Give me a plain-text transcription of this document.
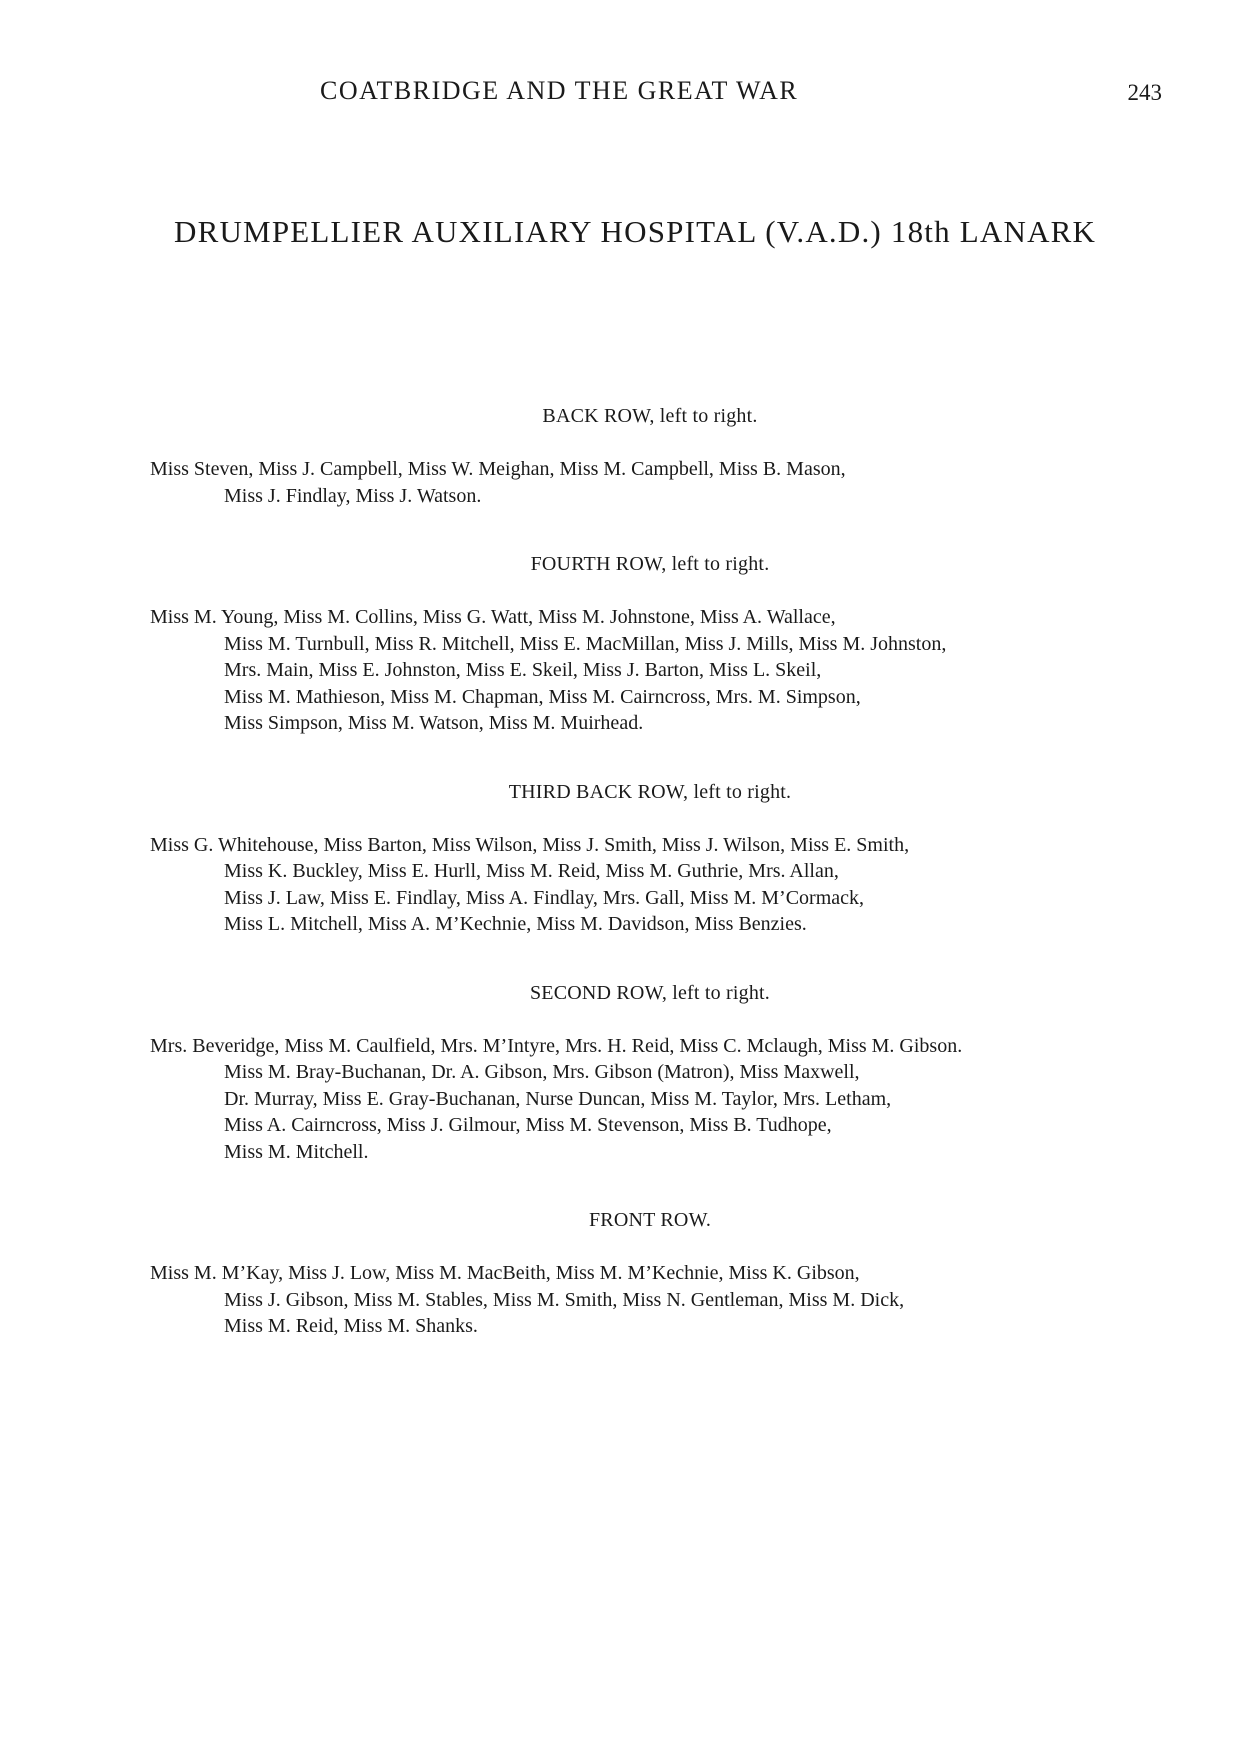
COATBRIDGE AND THE GREAT WAR	243
DRUMPELLIER AUXILIARY HOSPITAL (V.A.D.) 18th LANARK
BACK ROW, left to right.
Miss Steven, Miss J. Campbell, Miss W. Meighan, Miss M. Campbell, Miss B. Mason,
Miss J. Findlay, Miss J. Watson.
FOURTH ROW, left to right.
Miss M. Young, Miss M. Collins, Miss G. Watt, Miss M. Johnstone, Miss A. Wallace,
Miss M. Turnbull, Miss R. Mitchell, Miss E. MacMillan, Miss J. Mills, Miss M. Johnston,
Mrs. Main, Miss E. Johnston, Miss E. Skeil, Miss J. Barton, Miss L. Skeil,
Miss M. Mathieson, Miss M. Chapman, Miss M. Cairncross, Mrs. M. Simpson,
Miss Simpson, Miss M. Watson, Miss M. Muirhead.
THIRD BACK ROW, left to right.
Miss G. Whitehouse, Miss Barton, Miss Wilson, Miss J. Smith, Miss J. Wilson, Miss E. Smith,
Miss K. Buckley, Miss E. Hurll, Miss M. Reid, Miss M. Guthrie, Mrs. Allan,
Miss J. Law, Miss E. Findlay, Miss A. Findlay, Mrs. Gall, Miss M. M’Cormack,
Miss L. Mitchell, Miss A. M’Kechnie, Miss M. Davidson, Miss Benzies.
SECOND ROW, left to right.
Mrs. Beveridge, Miss M. Caulfield, Mrs. M’Intyre, Mrs. H. Reid, Miss C. Mclaugh, Miss M. Gibson.
Miss M. Bray-Buchanan, Dr. A. Gibson, Mrs. Gibson (Matron), Miss Maxwell,
Dr. Murray, Miss E. Gray-Buchanan, Nurse Duncan, Miss M. Taylor, Mrs. Letham,
Miss A. Cairncross, Miss J. Gilmour, Miss M. Stevenson, Miss B. Tudhope,
Miss M. Mitchell.
FRONT ROW.
Miss M. M’Kay, Miss J. Low, Miss M. MacBeith, Miss M. M’Kechnie, Miss K. Gibson,
Miss J. Gibson, Miss M. Stables, Miss M. Smith, Miss N. Gentleman, Miss M. Dick,
Miss M. Reid, Miss M. Shanks.
